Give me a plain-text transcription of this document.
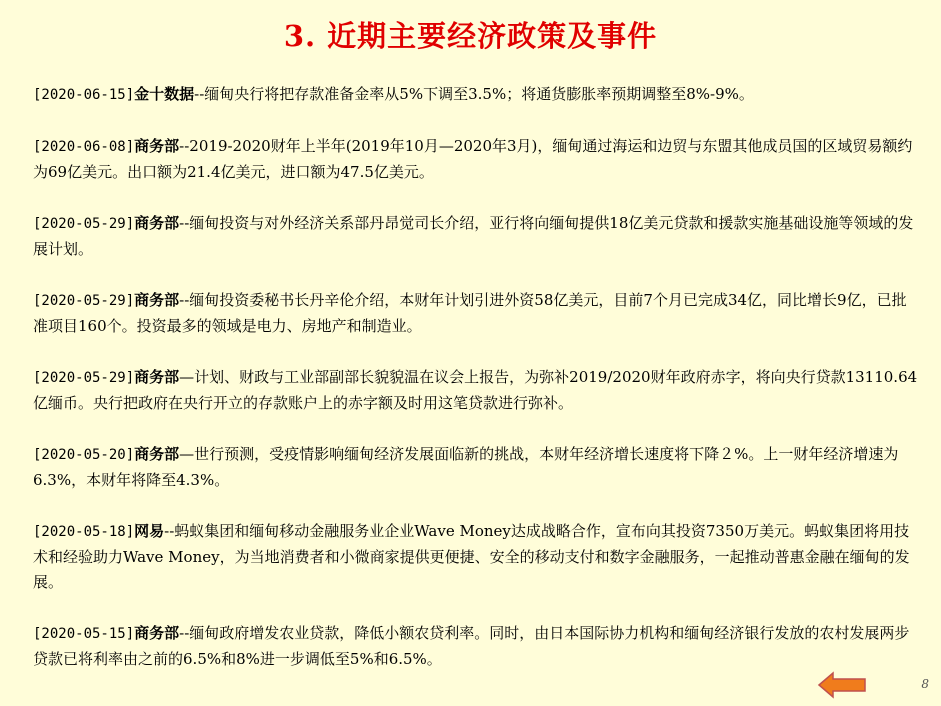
3. 近期主要经济政策及事件

[2020-06-15]金十数据--缅甸央行将把存款准备金率从5%下调至3.5%；将通货膨胀率预期调整至8%-9%。

[2020-06-08]商务部--2019-2020财年上半年(2019年10月—2020年3月)，缅甸通过海运和边贸与东盟其他成员国的区域贸易额约为69亿美元。出口额为21.4亿美元，进口额为47.5亿美元。

[2020-05-29]商务部--缅甸投资与对外经济关系部丹昂觉司长介绍，亚行将向缅甸提供18亿美元贷款和援款实施基础设施等领域的发展计划。

[2020-05-29]商务部--缅甸投资委秘书长丹辛伦介绍，本财年计划引进外资58亿美元，目前7个月已完成34亿，同比增长9亿，已批准项目160个。投资最多的领域是电力、房地产和制造业。

[2020-05-29]商务部—计划、财政与工业部副部长貌貌温在议会上报告，为弥补2019/2020财年政府赤字，将向央行贷款13110.64亿缅币。央行把政府在央行开立的存款账户上的赤字额及时用这笔贷款进行弥补。

[2020-05-20]商务部—世行预测，受疫情影响缅甸经济发展面临新的挑战，本财年经济增长速度将下降２%。上一财年经济增速为6.3%，本财年将降至4.3%。

[2020-05-18]网易--蚂蚁集团和缅甸移动金融服务业企业Wave Money达成战略合作，宣布向其投资7350万美元。蚂蚁集团将用技术和经验助力Wave Money，为当地消费者和小微商家提供更便捷、安全的移动支付和数字金融服务，一起推动普惠金融在缅甸的发展。

[2020-05-15]商务部--缅甸政府增发农业贷款，降低小额农贷利率。同时，由日本国际协力机构和缅甸经济银行发放的农村发展两步贷款已将利率由之前的6.5%和8%进一步调低至5%和6.5%。

8
